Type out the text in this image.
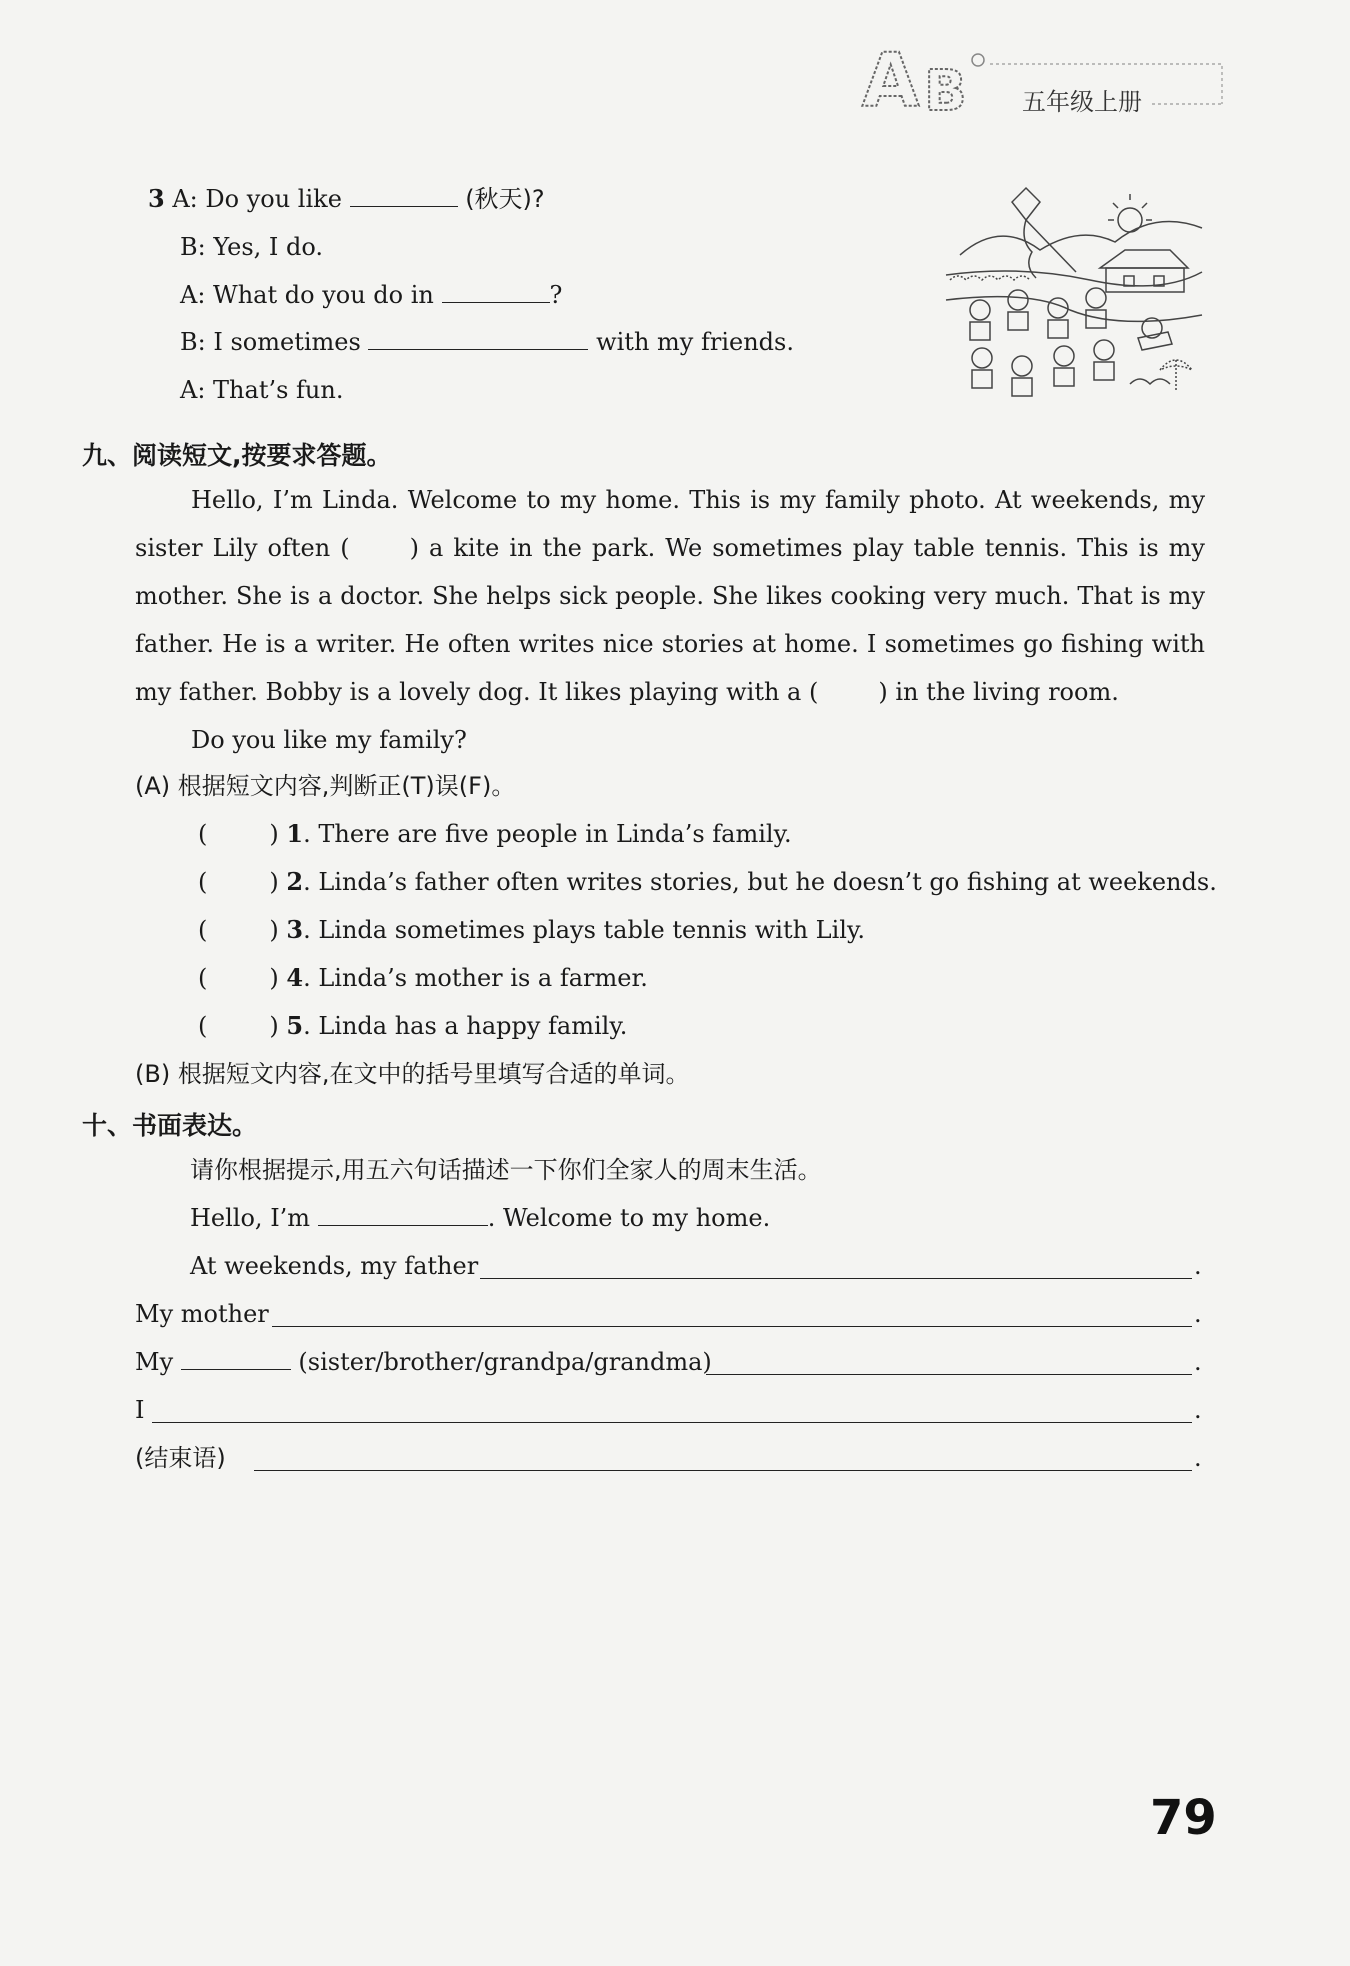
A B 五年级上册
3 A: Do you like	(秋天)?
B: Yes, I do.
A: What do you do in	?
B: I sometimes	with my friends.
A: That’s fun.
九、阅读短文,按要求答题。

Hello, I’m Linda. Welcome to my home. This is my family photo. At weekends, my sister Lily often (	) a kite in the park. We sometimes play table tennis. This is my mother. She is a doctor. She helps sick people. She likes cooking very much. That is my father. He is a writer. He often writes nice stories at home. I sometimes go fishing with my father. Bobby is a lovely dog. It likes playing with a (	) in the living room.

Do you like my family?

(A) 根据短文内容,判断正(T)误(F)。
(	) 1. There are five people in Linda’s family.
(	) 2. Linda’s father often writes stories, but he doesn’t go fishing at weekends.
(	) 3. Linda sometimes plays table tennis with Lily.
(	) 4. Linda’s mother is a farmer.
(	) 5. Linda has a happy family.
(B) 根据短文内容,在文中的括号里填写合适的单词。
十、书面表达。
请你根据提示,用五六句话描述一下你们全家人的周末生活。
Hello, I’m	. Welcome to my home.
At weekends, my father	.
My mother	.
My	(sister/brother/grandpa/grandma)	.
I	.
(结束语)	.
79
